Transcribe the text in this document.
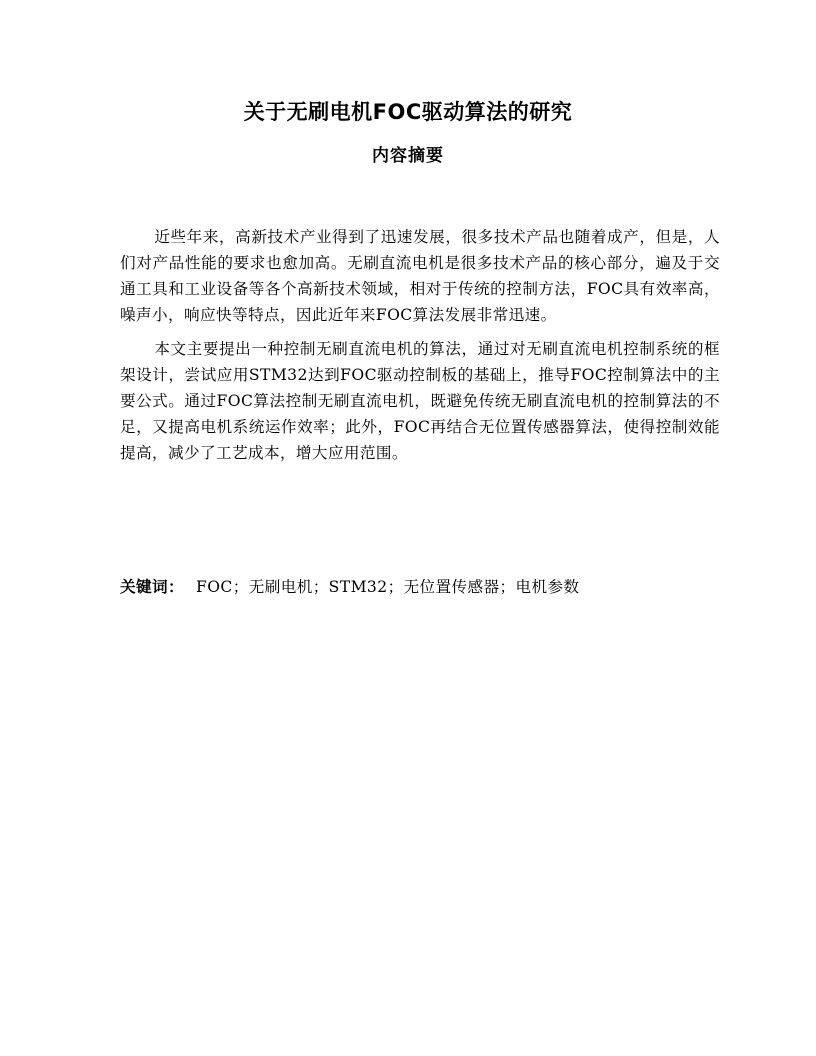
关于无刷电机FOC驱动算法的研究
内容摘要

近些年来，高新技术产业得到了迅速发展，很多技术产品也随着成产，但是，人们对产品性能的要求也愈加高。无刷直流电机是很多技术产品的核心部分，遍及于交通工具和工业设备等各个高新技术领域，相对于传统的控制方法，FOC具有效率高，噪声小，响应快等特点，因此近年来FOC算法发展非常迅速。

本文主要提出一种控制无刷直流电机的算法，通过对无刷直流电机控制系统的框架设计，尝试应用STM32达到FOC驱动控制板的基础上，推导FOC控制算法中的主要公式。通过FOC算法控制无刷直流电机，既避免传统无刷直流电机的控制算法的不足，又提高电机系统运作效率；此外，FOC再结合无位置传感器算法，使得控制效能提高，减少了工艺成本，增大应用范围。

关键词： FOC；无刷电机；STM32；无位置传感器；电机参数
